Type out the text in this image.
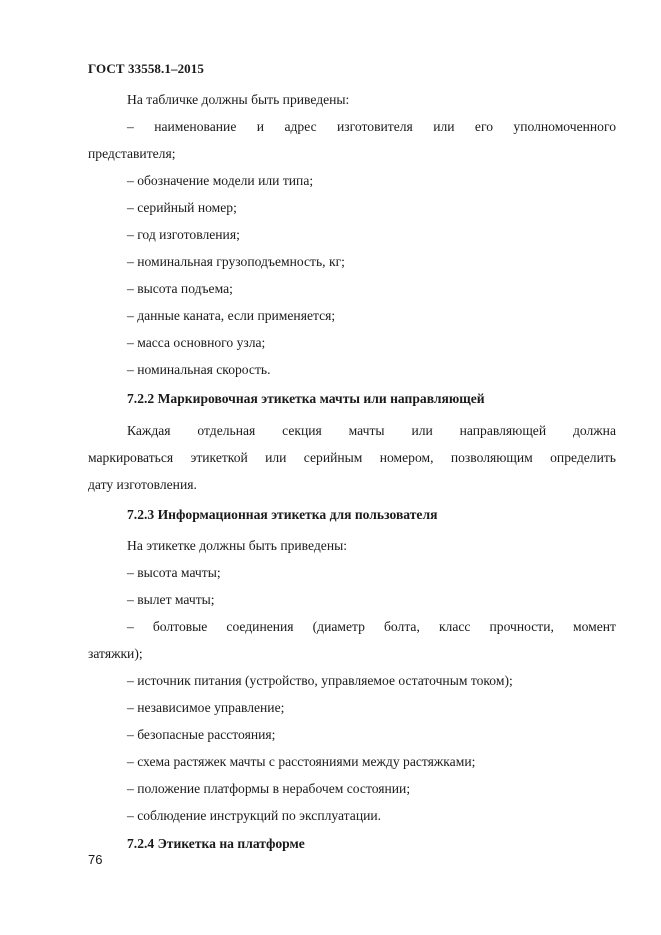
ГОСТ 33558.1–2015
На табличке должны быть приведены:
– наименование и адрес изготовителя или его уполномоченного
представителя;
– обозначение модели или типа;
– серийный номер;
– год изготовления;
– номинальная грузоподъемность, кг;
– высота подъема;
– данные каната, если применяется;
– масса основного узла;
– номинальная скорость.
7.2.2 Маркировочная этикетка мачты или направляющей
Каждая отдельная секция мачты или направляющей должна
маркироваться этикеткой или серийным номером, позволяющим определить
дату изготовления.
7.2.3 Информационная этикетка для пользователя
На этикетке должны быть приведены:
– высота мачты;
– вылет мачты;
– болтовые соединения (диаметр болта, класс прочности, момент
затяжки);
– источник питания (устройство, управляемое остаточным током);
– независимое управление;
– безопасные расстояния;
– схема растяжек мачты с расстояниями между растяжками;
– положение платформы в нерабочем состоянии;
– соблюдение инструкций по эксплуатации.
7.2.4 Этикетка на платформе
76
